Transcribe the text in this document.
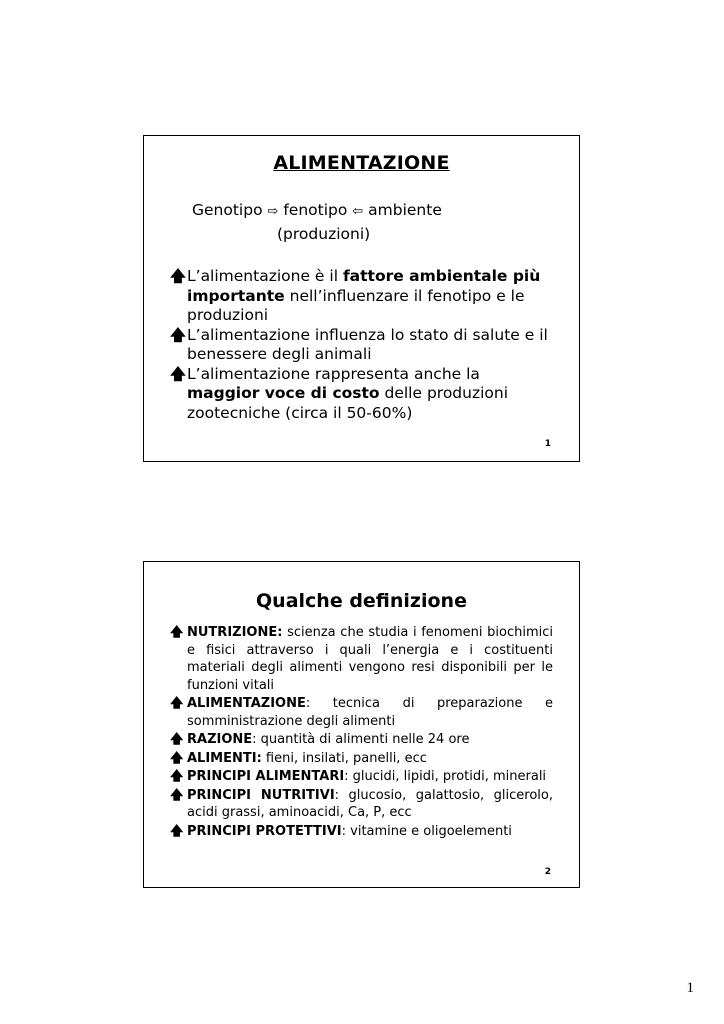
ALIMENTAZIONE
Genotipo ⇨ fenotipo ⇦ ambiente
(produzioni)
🡅 L’alimentazione è il fattore ambientale più importante nell’influenzare il fenotipo e le produzioni
🡅 L’alimentazione influenza lo stato di salute e il benessere degli animali
🡅 L’alimentazione rappresenta anche la maggior voce di costo delle produzioni zootecniche (circa il 50-60%)
1
Qualche definizione
🡅 NUTRIZIONE: scienza che studia i fenomeni biochimici e fisici attraverso i quali l’energia e i costituenti materiali degli alimenti vengono resi disponibili per le funzioni vitali
🡅 ALIMENTAZIONE: tecnica di preparazione e somministrazione degli alimenti
🡅 RAZIONE: quantità di alimenti nelle 24 ore
🡅 ALIMENTI: fieni, insilati, panelli, ecc
🡅 PRINCIPI ALIMENTARI: glucidi, lipidi, protidi, minerali
🡅 PRINCIPI NUTRITIVI: glucosio, galattosio, glicerolo, acidi grassi, aminoacidi, Ca, P, ecc
🡅 PRINCIPI PROTETTIVI: vitamine e oligoelementi
2
1
